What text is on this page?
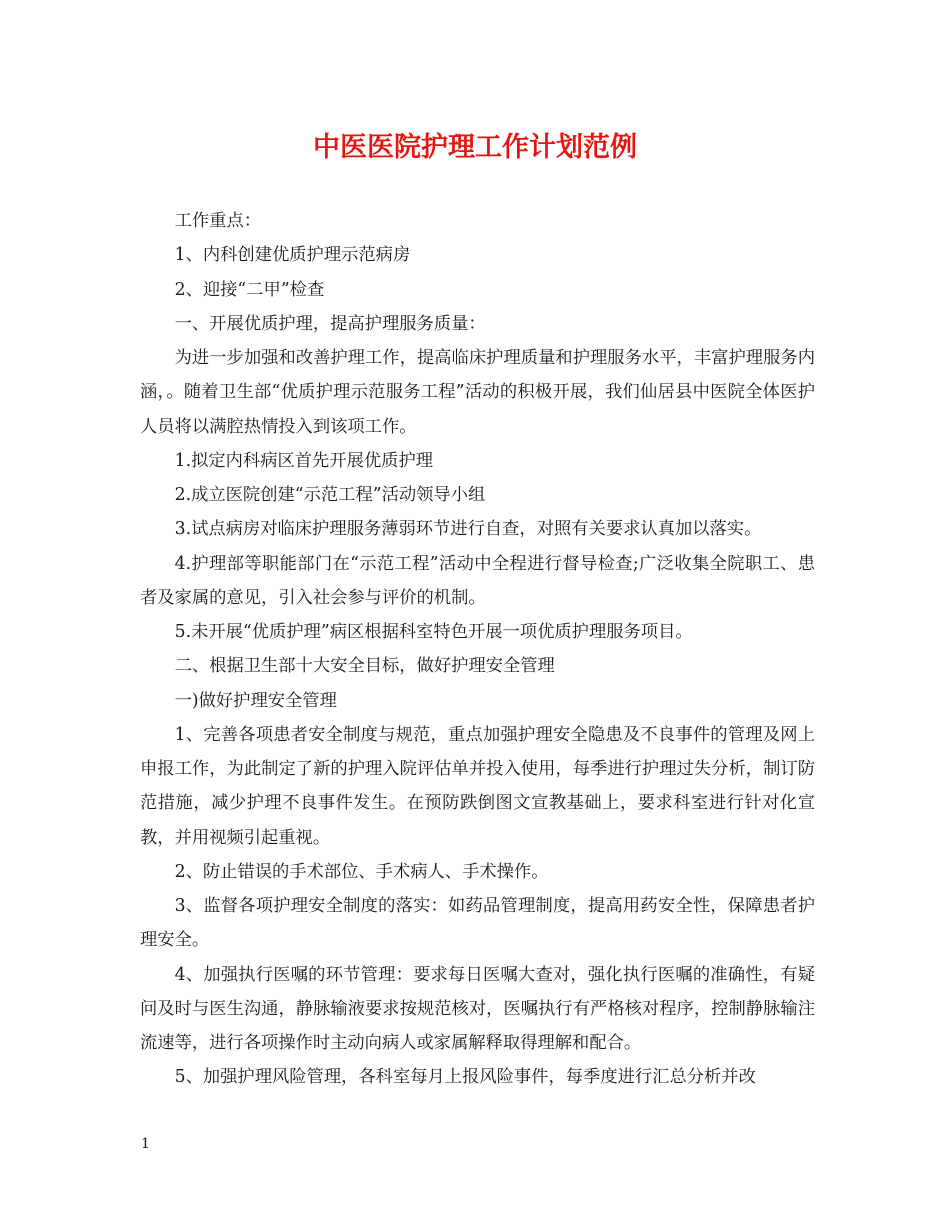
中医医院护理工作计划范例

工作重点：

1、内科创建优质护理示范病房

2、迎接“二甲”检查

一、开展优质护理，提高护理服务质量：

为进一步加强和改善护理工作，提高临床护理质量和护理服务水平，丰富护理服务内涵，。随着卫生部“优质护理示范服务工程”活动的积极开展，我们仙居县中医院全体医护人员将以满腔热情投入到该项工作。

1.拟定内科病区首先开展优质护理

2.成立医院创建“示范工程”活动领导小组

3.试点病房对临床护理服务薄弱环节进行自查，对照有关要求认真加以落实。

4.护理部等职能部门在“示范工程”活动中全程进行督导检查;广泛收集全院职工、患者及家属的意见，引入社会参与评价的机制。

5.未开展“优质护理”病区根据科室特色开展一项优质护理服务项目。

二、根据卫生部十大安全目标，做好护理安全管理

一)做好护理安全管理

1、完善各项患者安全制度与规范，重点加强护理安全隐患及不良事件的管理及网上申报工作，为此制定了新的护理入院评估单并投入使用，每季进行护理过失分析，制订防范措施，减少护理不良事件发生。在预防跌倒图文宣教基础上，要求科室进行针对化宣教，并用视频引起重视。

2、防止错误的手术部位、手术病人、手术操作。

3、监督各项护理安全制度的落实：如药品管理制度，提高用药安全性，保障患者护理安全。

4、加强执行医嘱的环节管理：要求每日医嘱大查对，强化执行医嘱的准确性，有疑问及时与医生沟通，静脉输液要求按规范核对，医嘱执行有严格核对程序，控制静脉输注流速等，进行各项操作时主动向病人或家属解释取得理解和配合。

5、加强护理风险管理，各科室每月上报风险事件，每季度进行汇总分析并改

1
